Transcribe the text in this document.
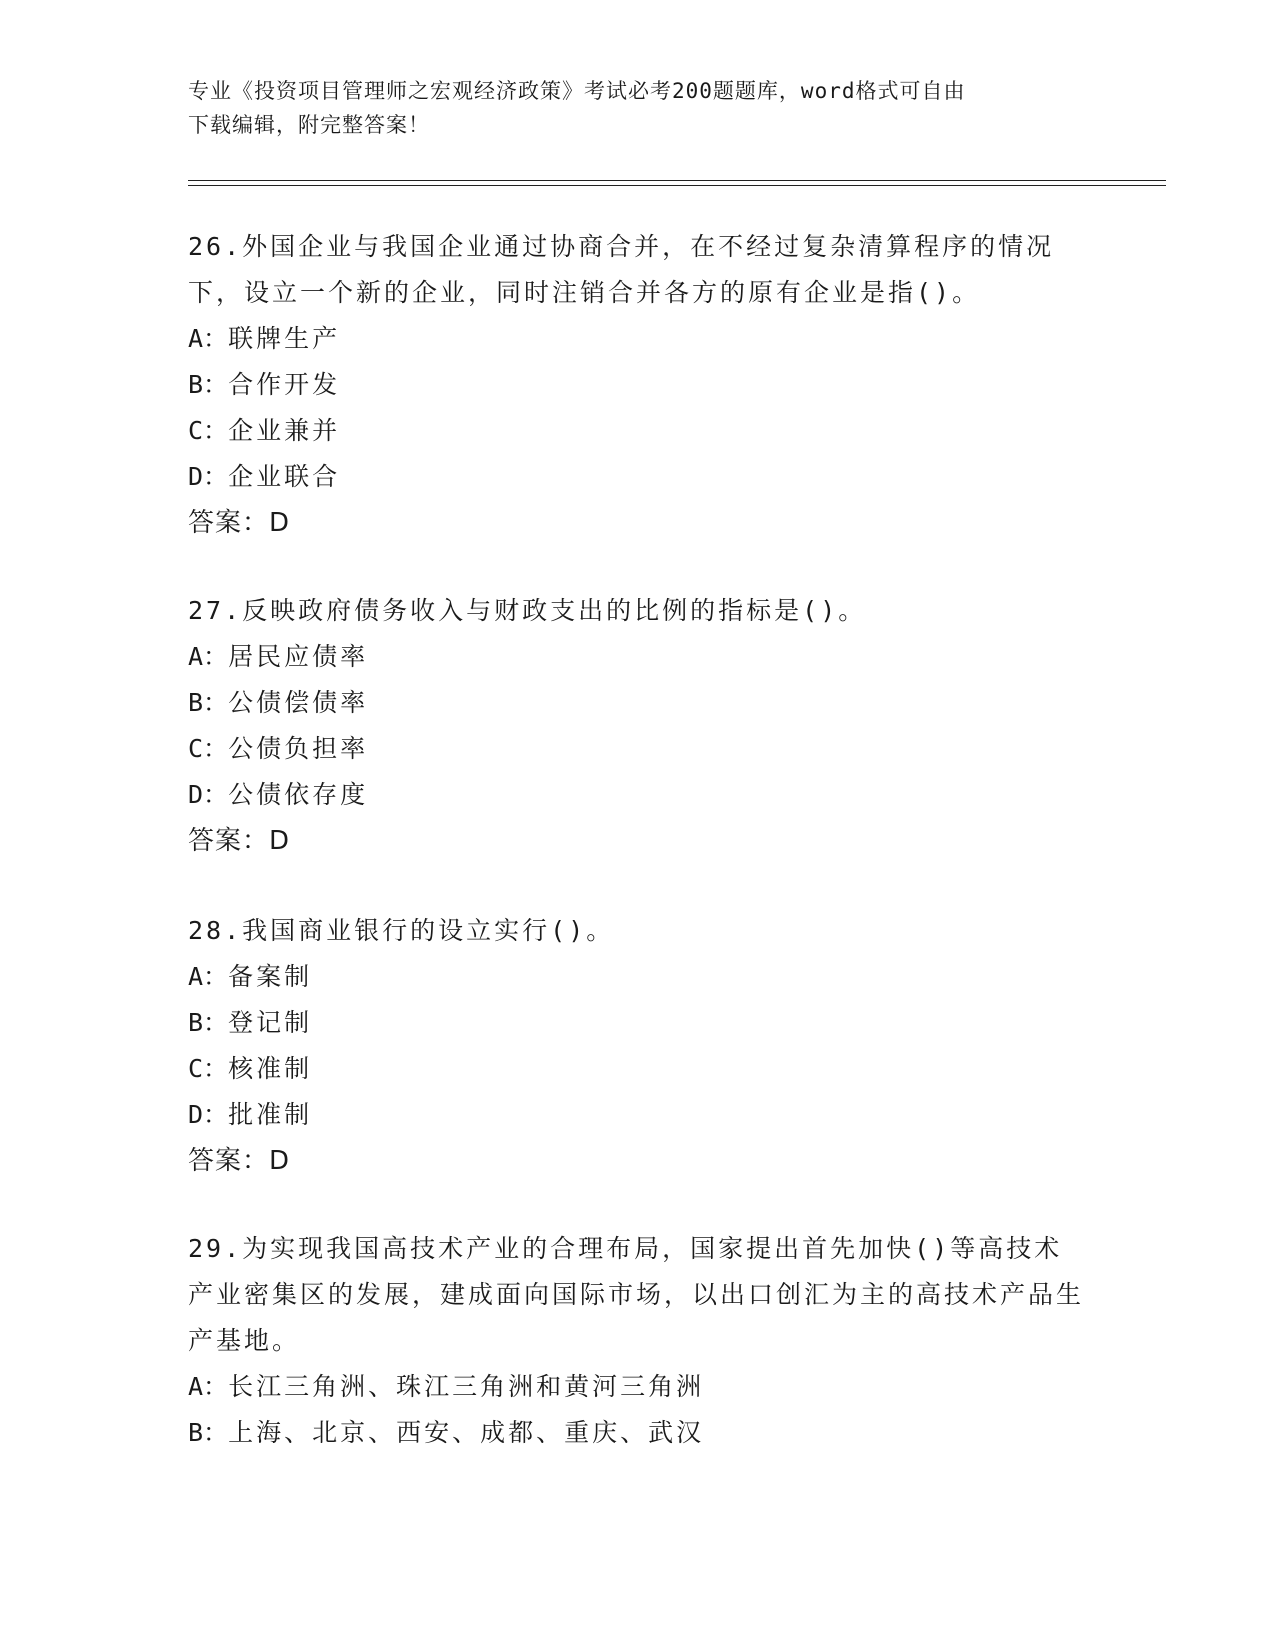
专业《投资项目管理师之宏观经济政策》考试必考200题题库，word格式可自由
下载编辑，附完整答案！
26.外国企业与我国企业通过协商合并，在不经过复杂清算程序的情况下，设立一个新的企业，同时注销合并各方的原有企业是指()。
A：联牌生产
B：合作开发
C：企业兼并
D：企业联合
答案：D
27.反映政府债务收入与财政支出的比例的指标是()。
A：居民应债率
B：公债偿债率
C：公债负担率
D：公债依存度
答案：D
28.我国商业银行的设立实行()。
A：备案制
B：登记制
C：核准制
D：批准制
答案：D
29.为实现我国高技术产业的合理布局，国家提出首先加快()等高技术产业密集区的发展，建成面向国际市场，以出口创汇为主的高技术产品生产基地。
A：长江三角洲、珠江三角洲和黄河三角洲
B：上海、北京、西安、成都、重庆、武汉
